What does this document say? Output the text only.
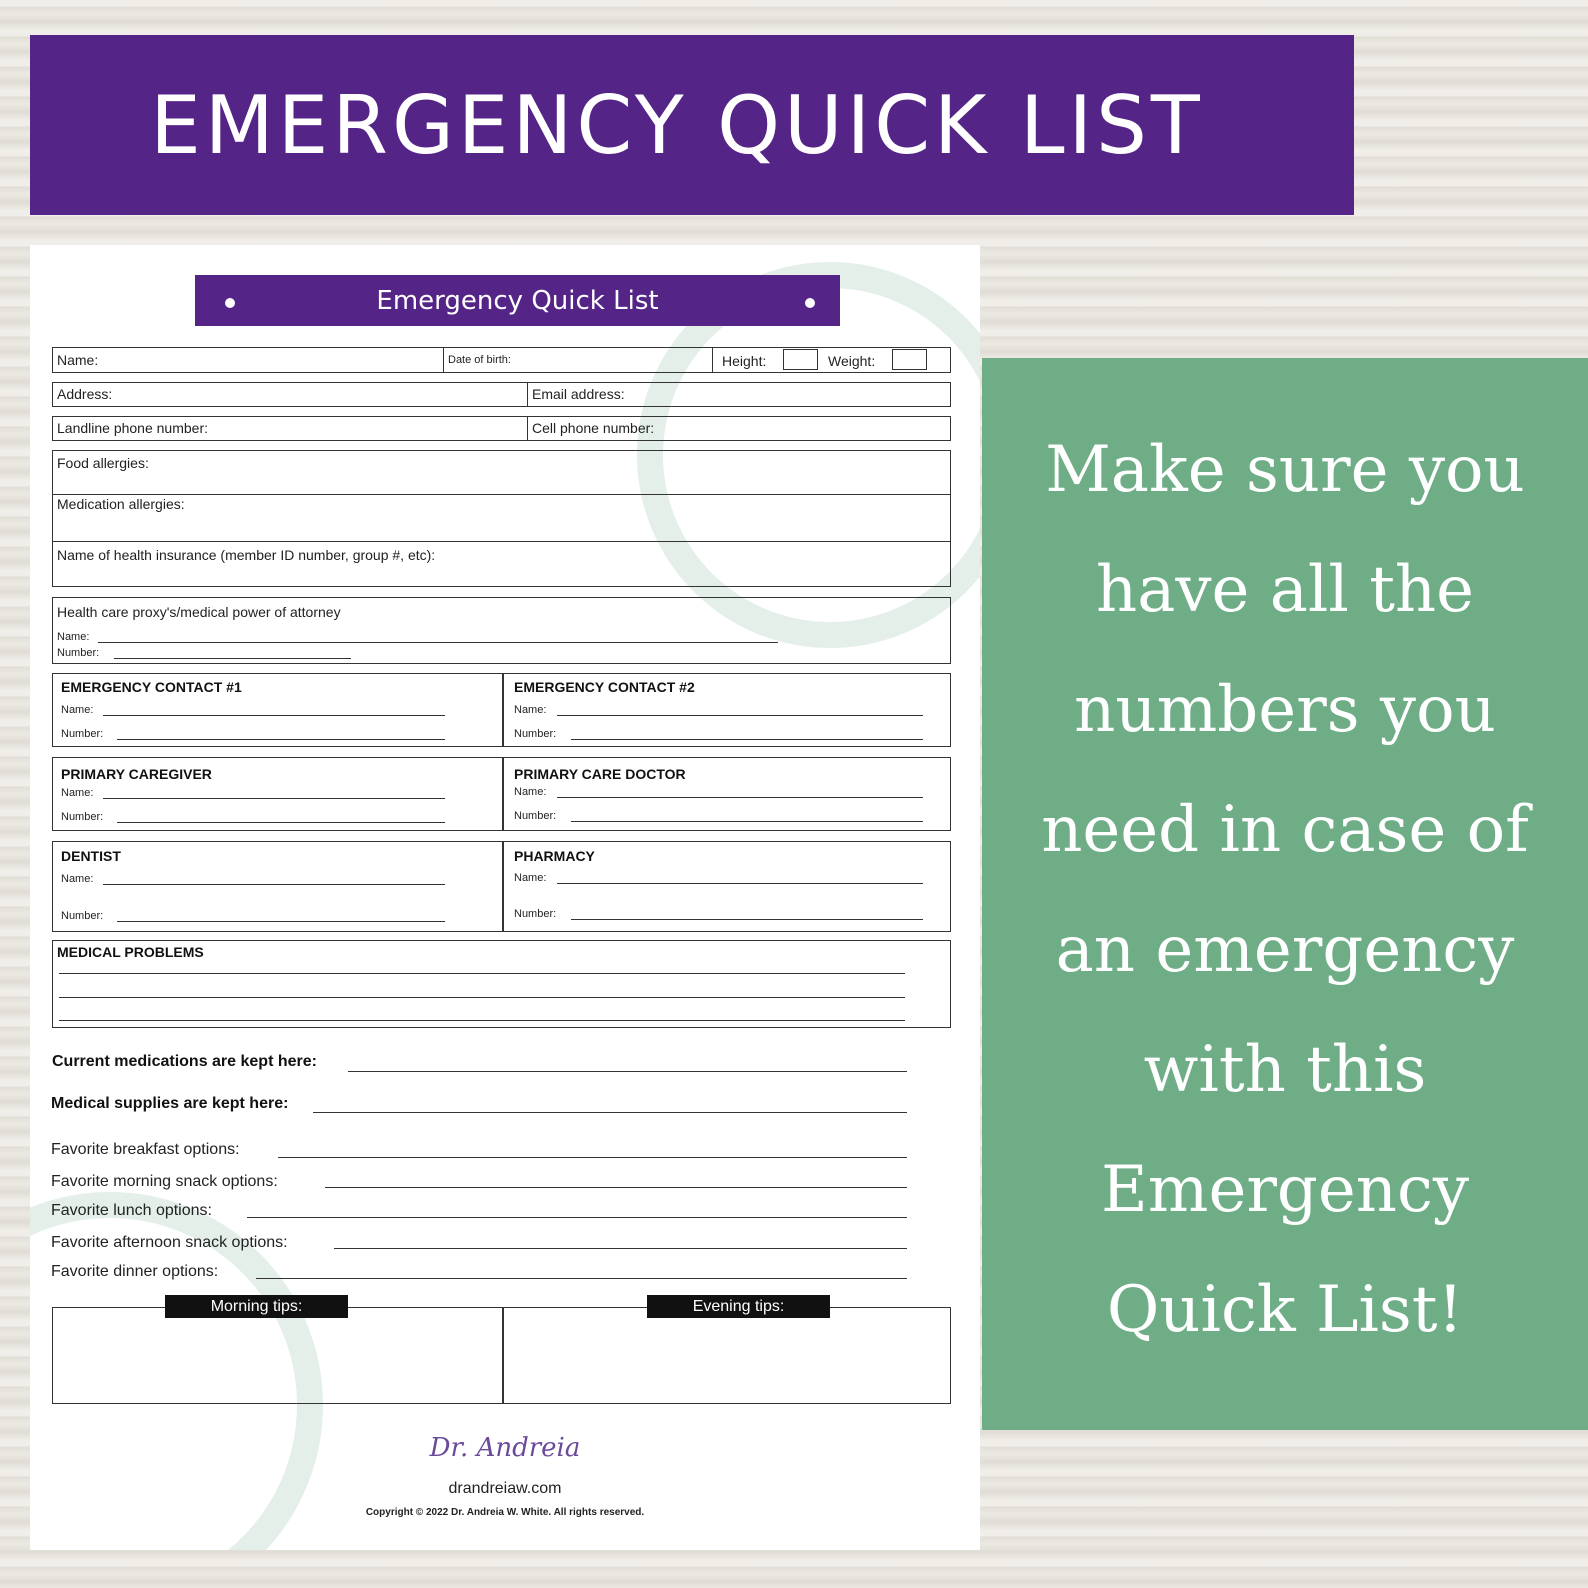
EMERGENCY QUICK LIST
Make sure you
have all the
numbers you
need in case of
an emergency
with this
Emergency
Quick List!
Emergency Quick List
Name:	Date of birth:	Height:	Weight:
Address:	Email address:
Landline phone number:	Cell phone number:
Food allergies:
Medication allergies:
Name of health insurance (member ID number, group #, etc):
Health care proxy's/medical power of attorney
Name:
Number:
EMERGENCY CONTACT #1
Name:
Number:
EMERGENCY CONTACT #2
Name:
Number:
PRIMARY CAREGIVER
Name:
Number:
PRIMARY CARE DOCTOR
Name:
Number:
DENTIST
Name:
Number:
PHARMACY
Name:
Number:
MEDICAL PROBLEMS
Current medications are kept here:
Medical supplies are kept here:
Favorite breakfast options:
Favorite morning snack options:
Favorite lunch options:
Favorite afternoon snack options:
Favorite dinner options:
Morning tips:	Evening tips:
Dr. Andreia
drandreiaw.com
Copyright © 2022 Dr. Andreia W. White. All rights reserved.
